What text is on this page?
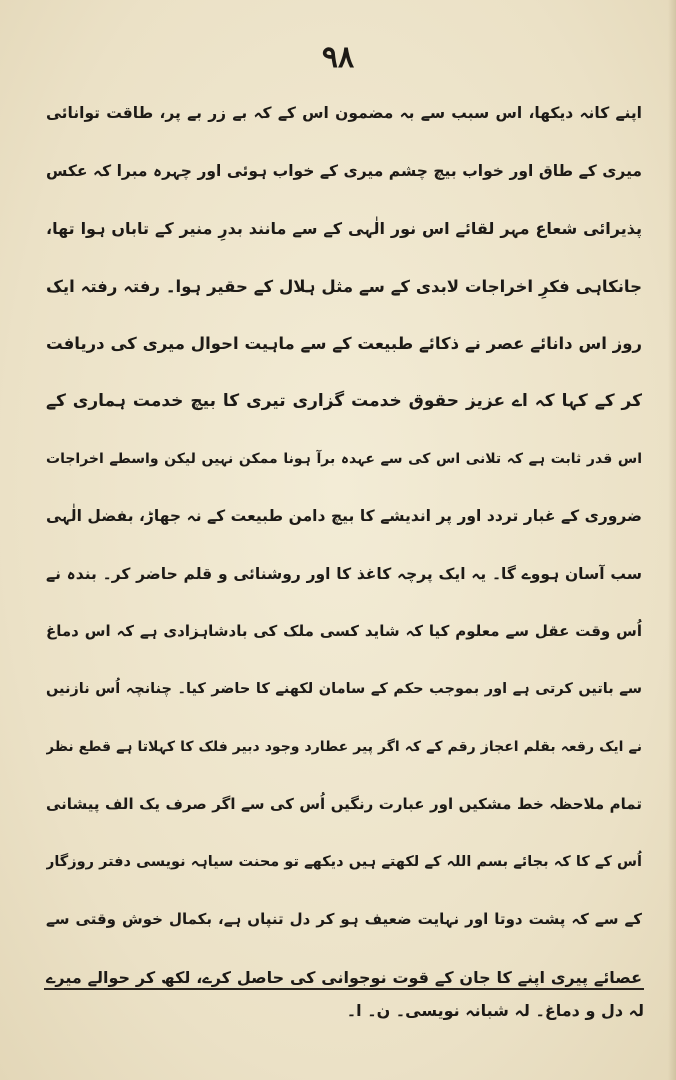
۹۸
اپنے کانہ دیکھا، اس سبب سے بہ مضمون اس کے کہ بے زر بے پر، طاقت توانائی
میری کے طاق اور خواب بیچ چشم میری کے خواب ہوئی اور چہرہ مبرا کہ عکس
پذیرائی شعاع مہر لقائے اس نور الٰہی کے سے مانند بدرِ منیر کے تاباں ہوا تھا،
جانکاہی فکرِ اخراجات لابدی کے سے مثل ہلال کے حقیر ہوا۔ رفتہ رفتہ ایک
روز اس دانائے عصر نے ذکائے طبیعت کے سے ماہیت احوال میری کی دریافت
کر کے کہا کہ اے عزیز حقوق خدمت گزاری تیری کا بیچ خدمت ہماری کے
اس قدر ثابت ہے کہ تلانی اس کی سے عہدہ برآ ہونا ممکن نہیں لیکن واسطے اخراجات
ضروری کے غبار تردد اور پر اندیشے کا بیچ دامن طبیعت کے نہ جھاڑ، بفضل الٰہی
سب آسان ہووے گا۔ یہ ایک پرچہ کاغذ کا اور روشنائی و قلم حاضر کر۔ بندہ نے
اُس وقت عقل سے معلوم کیا کہ شاید کسی ملک کی بادشاہزادی ہے کہ اس دماغ
سے باتیں کرتی ہے اور بموجب حکم کے سامان لکھنے کا حاضر کیا۔ چنانچہ اُس نازنیں
نے ایک رقعہ بقلم اعجاز رقم کے کہ اگر پیر عطارد وجود دبیر فلک کا کہلاتا ہے قطع نظر
تمام ملاحظہ خط مشکیں اور عبارت رنگیں اُس کی سے اگر صرف یک الف پیشانی
اُس کے کا کہ بجائے بسم اللہ کے لکھتے ہیں دیکھے تو محنت سیاہہ نویسی دفتر روزگار
کے سے کہ پشت دوتا اور نہایت ضعیف ہو کر دل تنپاں ہے، بکمال خوش وقتی سے
عصائے پیری اپنے کا جان کے قوت نوجوانی کی حاصل کرے، لکھ کر حوالے میرے
لہ دل و دماغ۔ لہ شبانہ نویسی۔ ن۔ ا۔
